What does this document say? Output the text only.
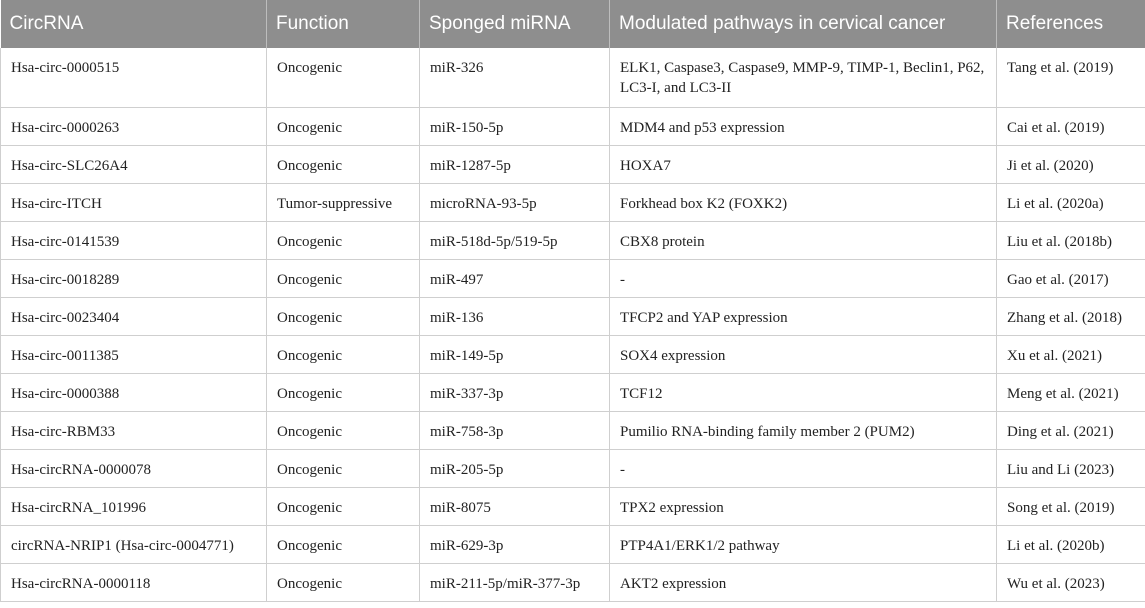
CircRNA	Function	Sponged miRNA	Modulated pathways in cervical cancer	References
Hsa-circ-0000515	Oncogenic	miR-326	ELK1, Caspase3, Caspase9, MMP-9, TIMP-1, Beclin1, P62, LC3-I, and LC3-II	Tang et al. (2019)
Hsa-circ-0000263	Oncogenic	miR-150-5p	MDM4 and p53 expression	Cai et al. (2019)
Hsa-circ-SLC26A4	Oncogenic	miR-1287-5p	HOXA7	Ji et al. (2020)
Hsa-circ-ITCH	Tumor-suppressive	microRNA-93-5p	Forkhead box K2 (FOXK2)	Li et al. (2020a)
Hsa-circ-0141539	Oncogenic	miR-518d-5p/519-5p	CBX8 protein	Liu et al. (2018b)
Hsa-circ-0018289	Oncogenic	miR-497	-	Gao et al. (2017)
Hsa-circ-0023404	Oncogenic	miR-136	TFCP2 and YAP expression	Zhang et al. (2018)
Hsa-circ-0011385	Oncogenic	miR-149-5p	SOX4 expression	Xu et al. (2021)
Hsa-circ-0000388	Oncogenic	miR-337-3p	TCF12	Meng et al. (2021)
Hsa-circ-RBM33	Oncogenic	miR-758-3p	Pumilio RNA-binding family member 2 (PUM2)	Ding et al. (2021)
Hsa-circRNA-0000078	Oncogenic	miR-205-5p	-	Liu and Li (2023)
Hsa-circRNA_101996	Oncogenic	miR-8075	TPX2 expression	Song et al. (2019)
circRNA-NRIP1 (Hsa-circ-0004771)	Oncogenic	miR-629-3p	PTP4A1/ERK1/2 pathway	Li et al. (2020b)
Hsa-circRNA-0000118	Oncogenic	miR-211-5p/miR-377-3p	AKT2 expression	Wu et al. (2023)
